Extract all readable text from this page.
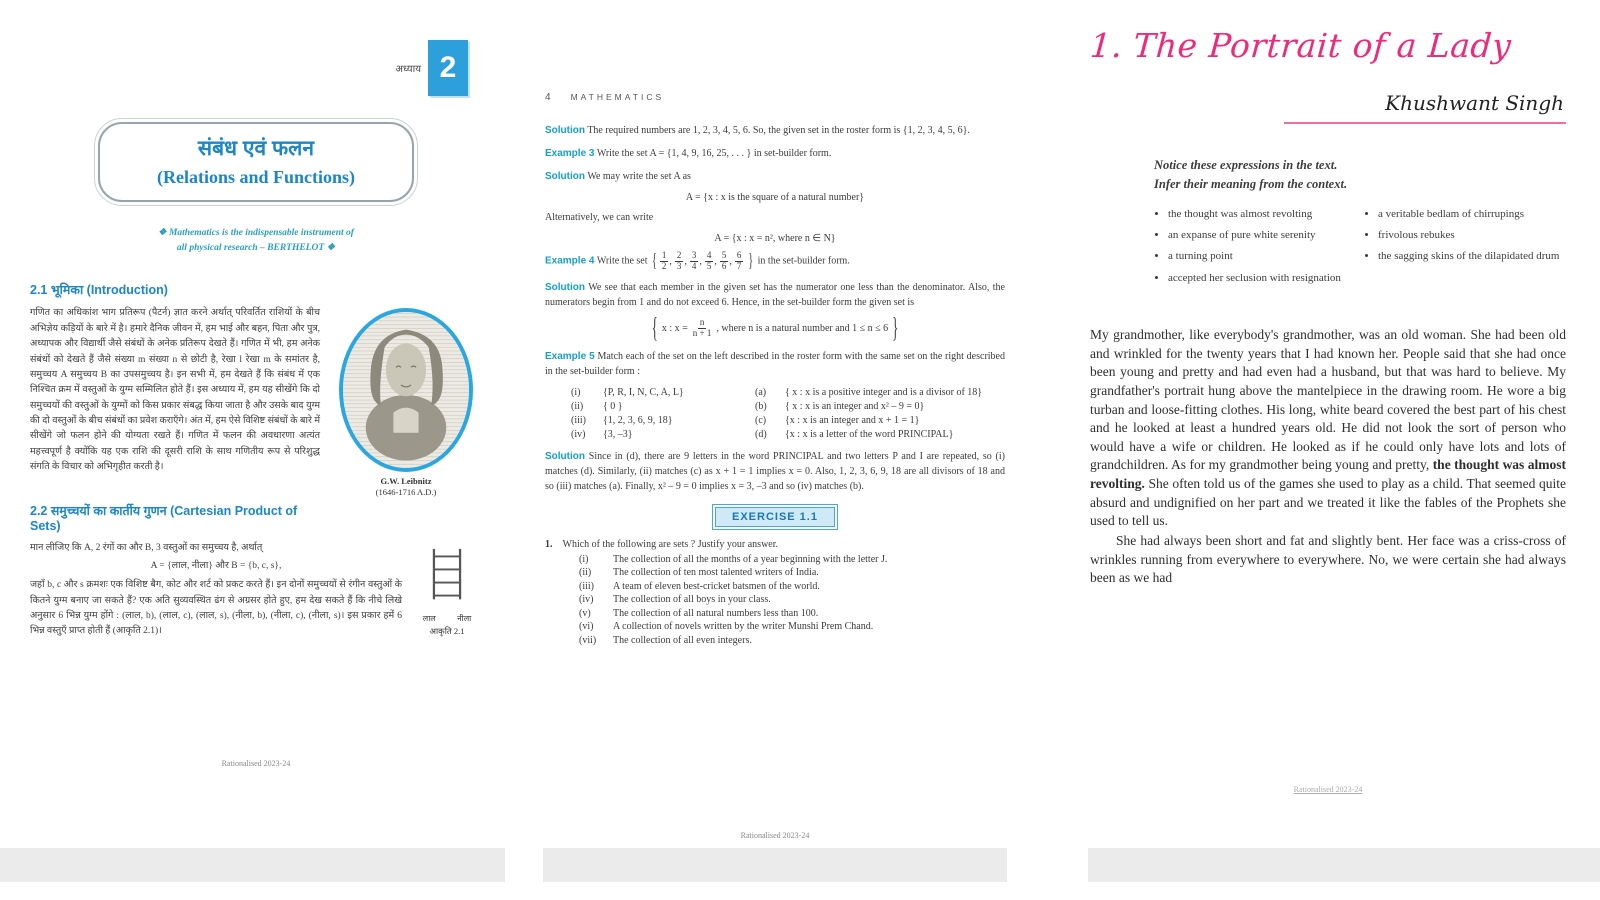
अध्याय 2
संबंध एवं फलन
(Relations and Functions)
❖ Mathematics is the indispensable instrument of
all physical research – BERTHELOT ❖
2.1 भूमिका (Introduction)
G.W. Leibnitz
(1646-1716 A.D.)

गणित का अधिकांश भाग प्रतिरूप (पैटर्न) ज्ञात करने अर्थात् परिवर्तित राशियों के बीच अभिज्ञेय कड़ियों के बारे में है। हमारे दैनिक जीवन में, हम भाई और बहन, पिता और पुत्र, अध्यापक और विद्यार्थी जैसे संबंधों के अनेक प्रतिरूप देखते हैं। गणित में भी, हम अनेक संबंधों को देखते हैं जैसे संख्या m संख्या n से छोटी है, रेखा l रेखा m के समांतर है, समुच्चय A समुच्चय B का उपसमुच्चय है। इन सभी में, हम देखते हैं कि संबंध में एक निश्चित क्रम में वस्तुओं के युग्म सम्मिलित होते हैं। इस अध्याय में, हम यह सीखेंगे कि दो समुच्चयों की वस्तुओं के युग्मों को किस प्रकार संबद्ध किया जाता है और उसके बाद युग्म की दो वस्तुओं के बीच संबंधों का प्रवेश कराएँगे। अंत में, हम ऐसे विशिष्ट संबंधों के बारे में सीखेंगे जो फलन होने की योग्यता रखते हैं। गणित में फलन की अवधारणा अत्यंत महत्त्वपूर्ण है क्योंकि यह एक राशि की दूसरी राशि के साथ गणितीय रूप से परिशुद्ध संगति के विचार को अभिगृहीत करती है।

2.2 समुच्चयों का कार्तीय गुणन (Cartesian Product of Sets)
लाल	नीला
आकृति 2.1

मान लीजिए कि A, 2 रंगों का और B, 3 वस्तुओं का समुच्चय है, अर्थात्

A = {लाल, नीला} और B = {b, c, s},

जहाँ b, c और s क्रमशः एक विशिष्ट बैग, कोट और शर्ट को प्रकट करते हैं। इन दोनों समुच्चयों से रंगीन वस्तुओं के कितने युग्म बनाए जा सकते हैं? एक अति सुव्यवस्थित ढंग से अग्रसर होते हुए, हम देख सकते हैं कि नीचे लिखे अनुसार 6 भिन्न युग्म होंगे : (लाल, b), (लाल, c), (लाल, s), (नीला, b), (नीला, c), (नीला, s)। इस प्रकार हमें 6 भिन्न वस्तुएँ प्राप्त होती हैं (आकृति 2.1)।

Rationalised 2023-24
4 MATHEMATICS

Solution The required numbers are 1, 2, 3, 4, 5, 6. So, the given set in the roster form is {1, 2, 3, 4, 5, 6}.

Example 3 Write the set A = {1, 4, 9, 16, 25, . . . } in set-builder form.

Solution We may write the set A as

A = {x : x is the square of a natural number}

Alternatively, we can write

A = {x : x = n², where n ∈ N}

Example 4 Write the set { $\frac{1}{2}$ , $\frac{2}{3}$ , $\frac{3}{4}$ , $\frac{4}{5}$ , $\frac{5}{6}$ , $\frac{6}{7}$ } in the set-builder form.

Solution We see that each member in the given set has the numerator one less than the denominator. Also, the numerators begin from 1 and do not exceed 6. Hence, in the set-builder form the given set is

{ x : $x = \frac{n}{n + 1}$ , where n is a natural number and 1 ≤ n ≤ 6 }

Example 5 Match each of the set on the left described in the roster form with the same set on the right described in the set-builder form :

(i)	{P, R, I, N, C, A, L}	(a)	{ x : x is a positive integer and is a divisor of 18}
(ii)	{ 0 }	(b)	{ x : x is an integer and x² – 9 = 0}
(iii)	{1, 2, 3, 6, 9, 18}	(c)	{x : x is an integer and x + 1 = 1}
(iv)	{3, –3}	(d)	{x : x is a letter of the word PRINCIPAL}

Solution Since in (d), there are 9 letters in the word PRINCIPAL and two letters P and I are repeated, so (i) matches (d). Similarly, (ii) matches (c) as x + 1 = 1 implies x = 0. Also, 1, 2, 3, 6, 9, 18 are all divisors of 18 and so (iii) matches (a). Finally, x² – 9 = 0 implies x = 3, –3 and so (iv) matches (b).

EXERCISE 1.1
1. Which of the following are sets ? Justify your answer.
(i)	The collection of all the months of a year beginning with the letter J.
(ii)	The collection of ten most talented writers of India.
(iii)	A team of eleven best-cricket batsmen of the world.
(iv)	The collection of all boys in your class.
(v)	The collection of all natural numbers less than 100.
(vi)	A collection of novels written by the writer Munshi Prem Chand.
(vii)	The collection of all even integers.
Rationalised 2023-24
1. The Portrait of a Lady
Khushwant Singh
Notice these expressions in the text.
Infer their meaning from the context.
• the thought was almost revolting
• an expanse of pure white serenity
• a turning point
• accepted her seclusion with resignation
• a veritable bedlam of chirrupings
• frivolous rebukes
• the sagging skins of the dilapidated drum

My grandmother, like everybody's grandmother, was an old woman. She had been old and wrinkled for the twenty years that I had known her. People said that she had once been young and pretty and had even had a husband, but that was hard to believe. My grandfather's portrait hung above the mantelpiece in the drawing room. He wore a big turban and loose-fitting clothes. His long, white beard covered the best part of his chest and he looked at least a hundred years old. He did not look the sort of person who would have a wife or children. He looked as if he could only have lots and lots of grandchildren. As for my grandmother being young and pretty, the thought was almost revolting. She often told us of the games she used to play as a child. That seemed quite absurd and undignified on her part and we treated it like the fables of the Prophets she used to tell us.

She had always been short and fat and slightly bent. Her face was a criss-cross of wrinkles running from everywhere to everywhere. No, we were certain she had always been as we had

Rationalised 2023-24
